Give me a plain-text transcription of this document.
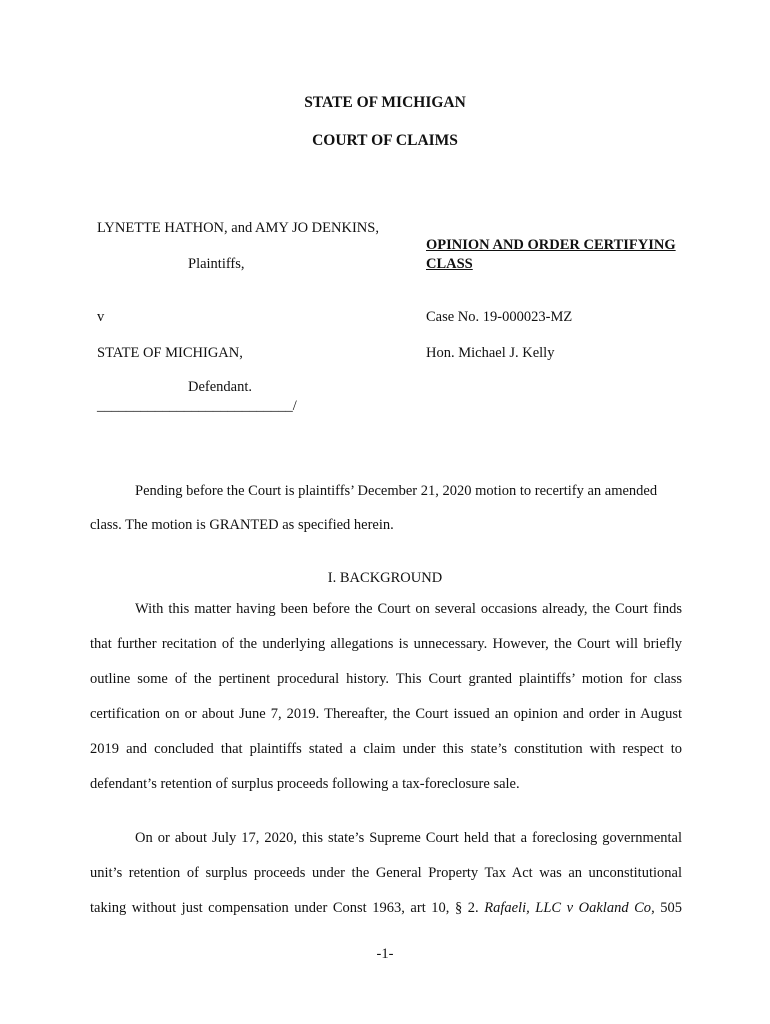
STATE OF MICHIGAN
COURT OF CLAIMS
LYNETTE HATHON, and AMY JO DENKINS,
Plaintiffs,
v
STATE OF MICHIGAN,
Defendant.
___________________________/
OPINION AND ORDER CERTIFYING
CLASS
Case No. 19-000023-MZ
Hon. Michael J. Kelly
Pending before the Court is plaintiffs’ December 21, 2020 motion to recertify an amended
class. The motion is GRANTED as specified herein.
I. BACKGROUND
With this matter having been before the Court on several occasions already, the Court finds
that further recitation of the underlying allegations is unnecessary. However, the Court will briefly
outline some of the pertinent procedural history. This Court granted plaintiffs’ motion for class
certification on or about June 7, 2019. Thereafter, the Court issued an opinion and order in August
2019 and concluded that plaintiffs stated a claim under this state’s constitution with respect to
defendant’s retention of surplus proceeds following a tax-foreclosure sale.
On or about July 17, 2020, this state’s Supreme Court held that a foreclosing governmental
unit’s retention of surplus proceeds under the General Property Tax Act was an unconstitutional
taking without just compensation under Const 1963, art 10, § 2. Rafaeli, LLC v Oakland Co, 505
-1-
